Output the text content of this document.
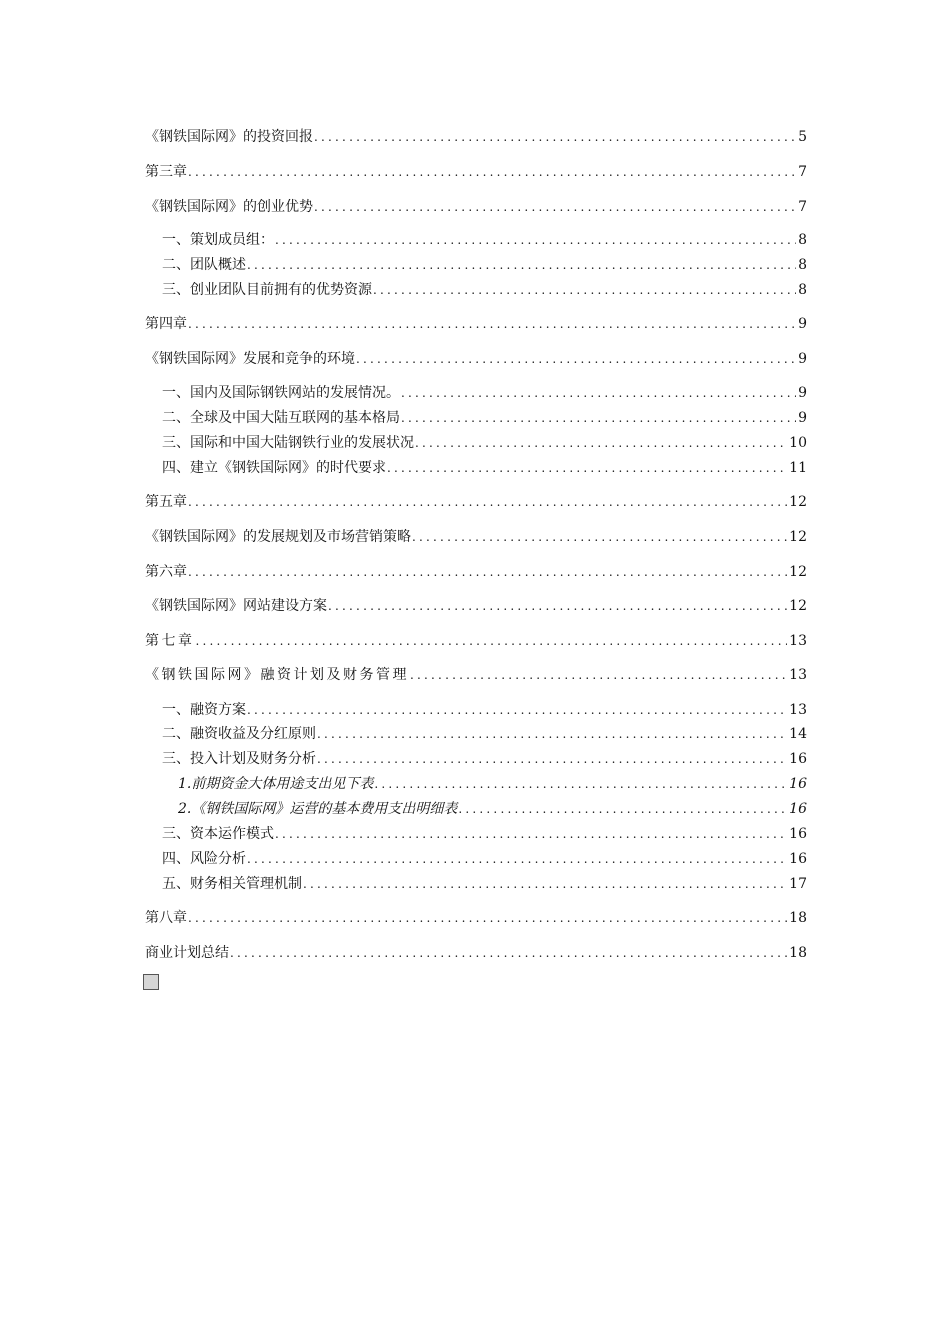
《钢铁国际网》的投资回报 .....	5
第三章 .....	7
《钢铁国际网》的创业优势 .....	7
一、策划成员组： .....	8
二、团队概述 .....	8
三、创业团队目前拥有的优势资源 .....	8
第四章 .....	9
《钢铁国际网》发展和竞争的环境 .....	9
一、国内及国际钢铁网站的发展情况。 .....	9
二、全球及中国大陆互联网的基本格局 .....	9
三、国际和中国大陆钢铁行业的发展状况 .....	10
四、建立《钢铁国际网》的时代要求 .....	11
第五章 .....	12
《钢铁国际网》的发展规划及市场营销策略 .....	12
第六章 .....	12
《钢铁国际网》网站建设方案 .....	12
第七章 .....	13
《钢铁国际网》融资计划及财务管理 .....	13
一、融资方案 .....	13
二、融资收益及分红原则 .....	14
三、投入计划及财务分析 .....	16
1.前期资金大体用途支出见下表 .....	16
2.《钢铁国际网》运营的基本费用支出明细表 .....	16
三、资本运作模式 .....	16
四、风险分析 .....	16
五、财务相关管理机制 .....	17
第八章 .....	18
商业计划总结 .....	18
